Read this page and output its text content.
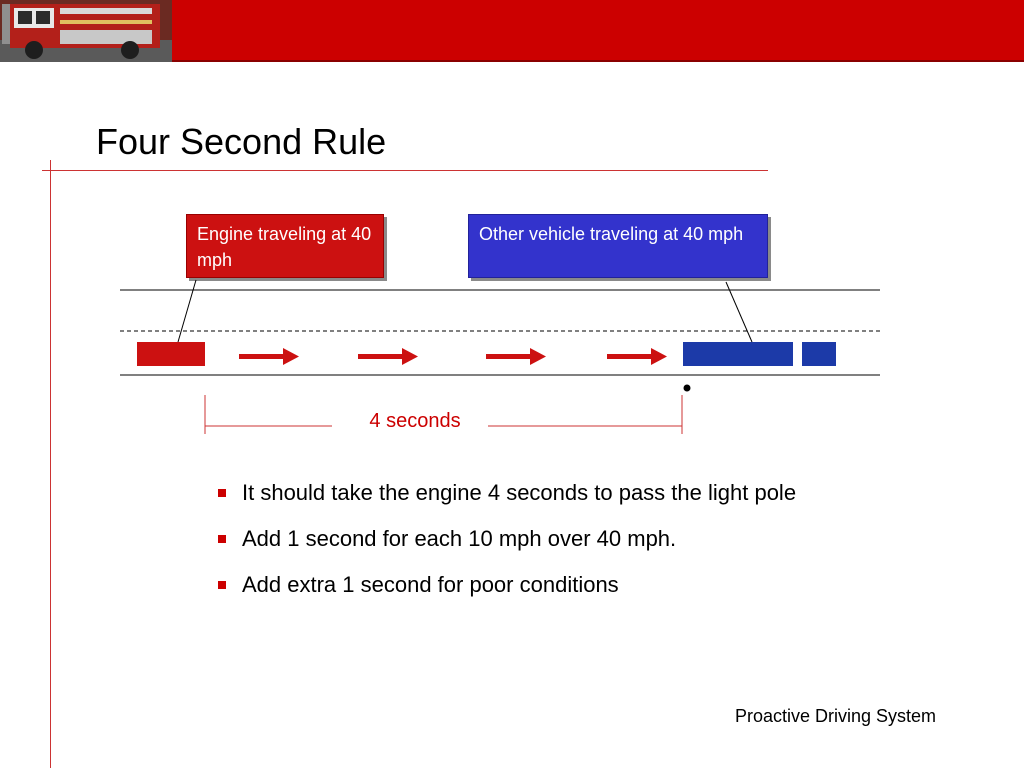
Four Second Rule
Engine traveling at 40 mph
Other vehicle traveling at 40 mph
4 seconds
It should take the engine 4 seconds to pass the light pole
Add 1 second for each 10 mph over 40 mph.
Add extra 1 second for poor conditions
Proactive Driving System
